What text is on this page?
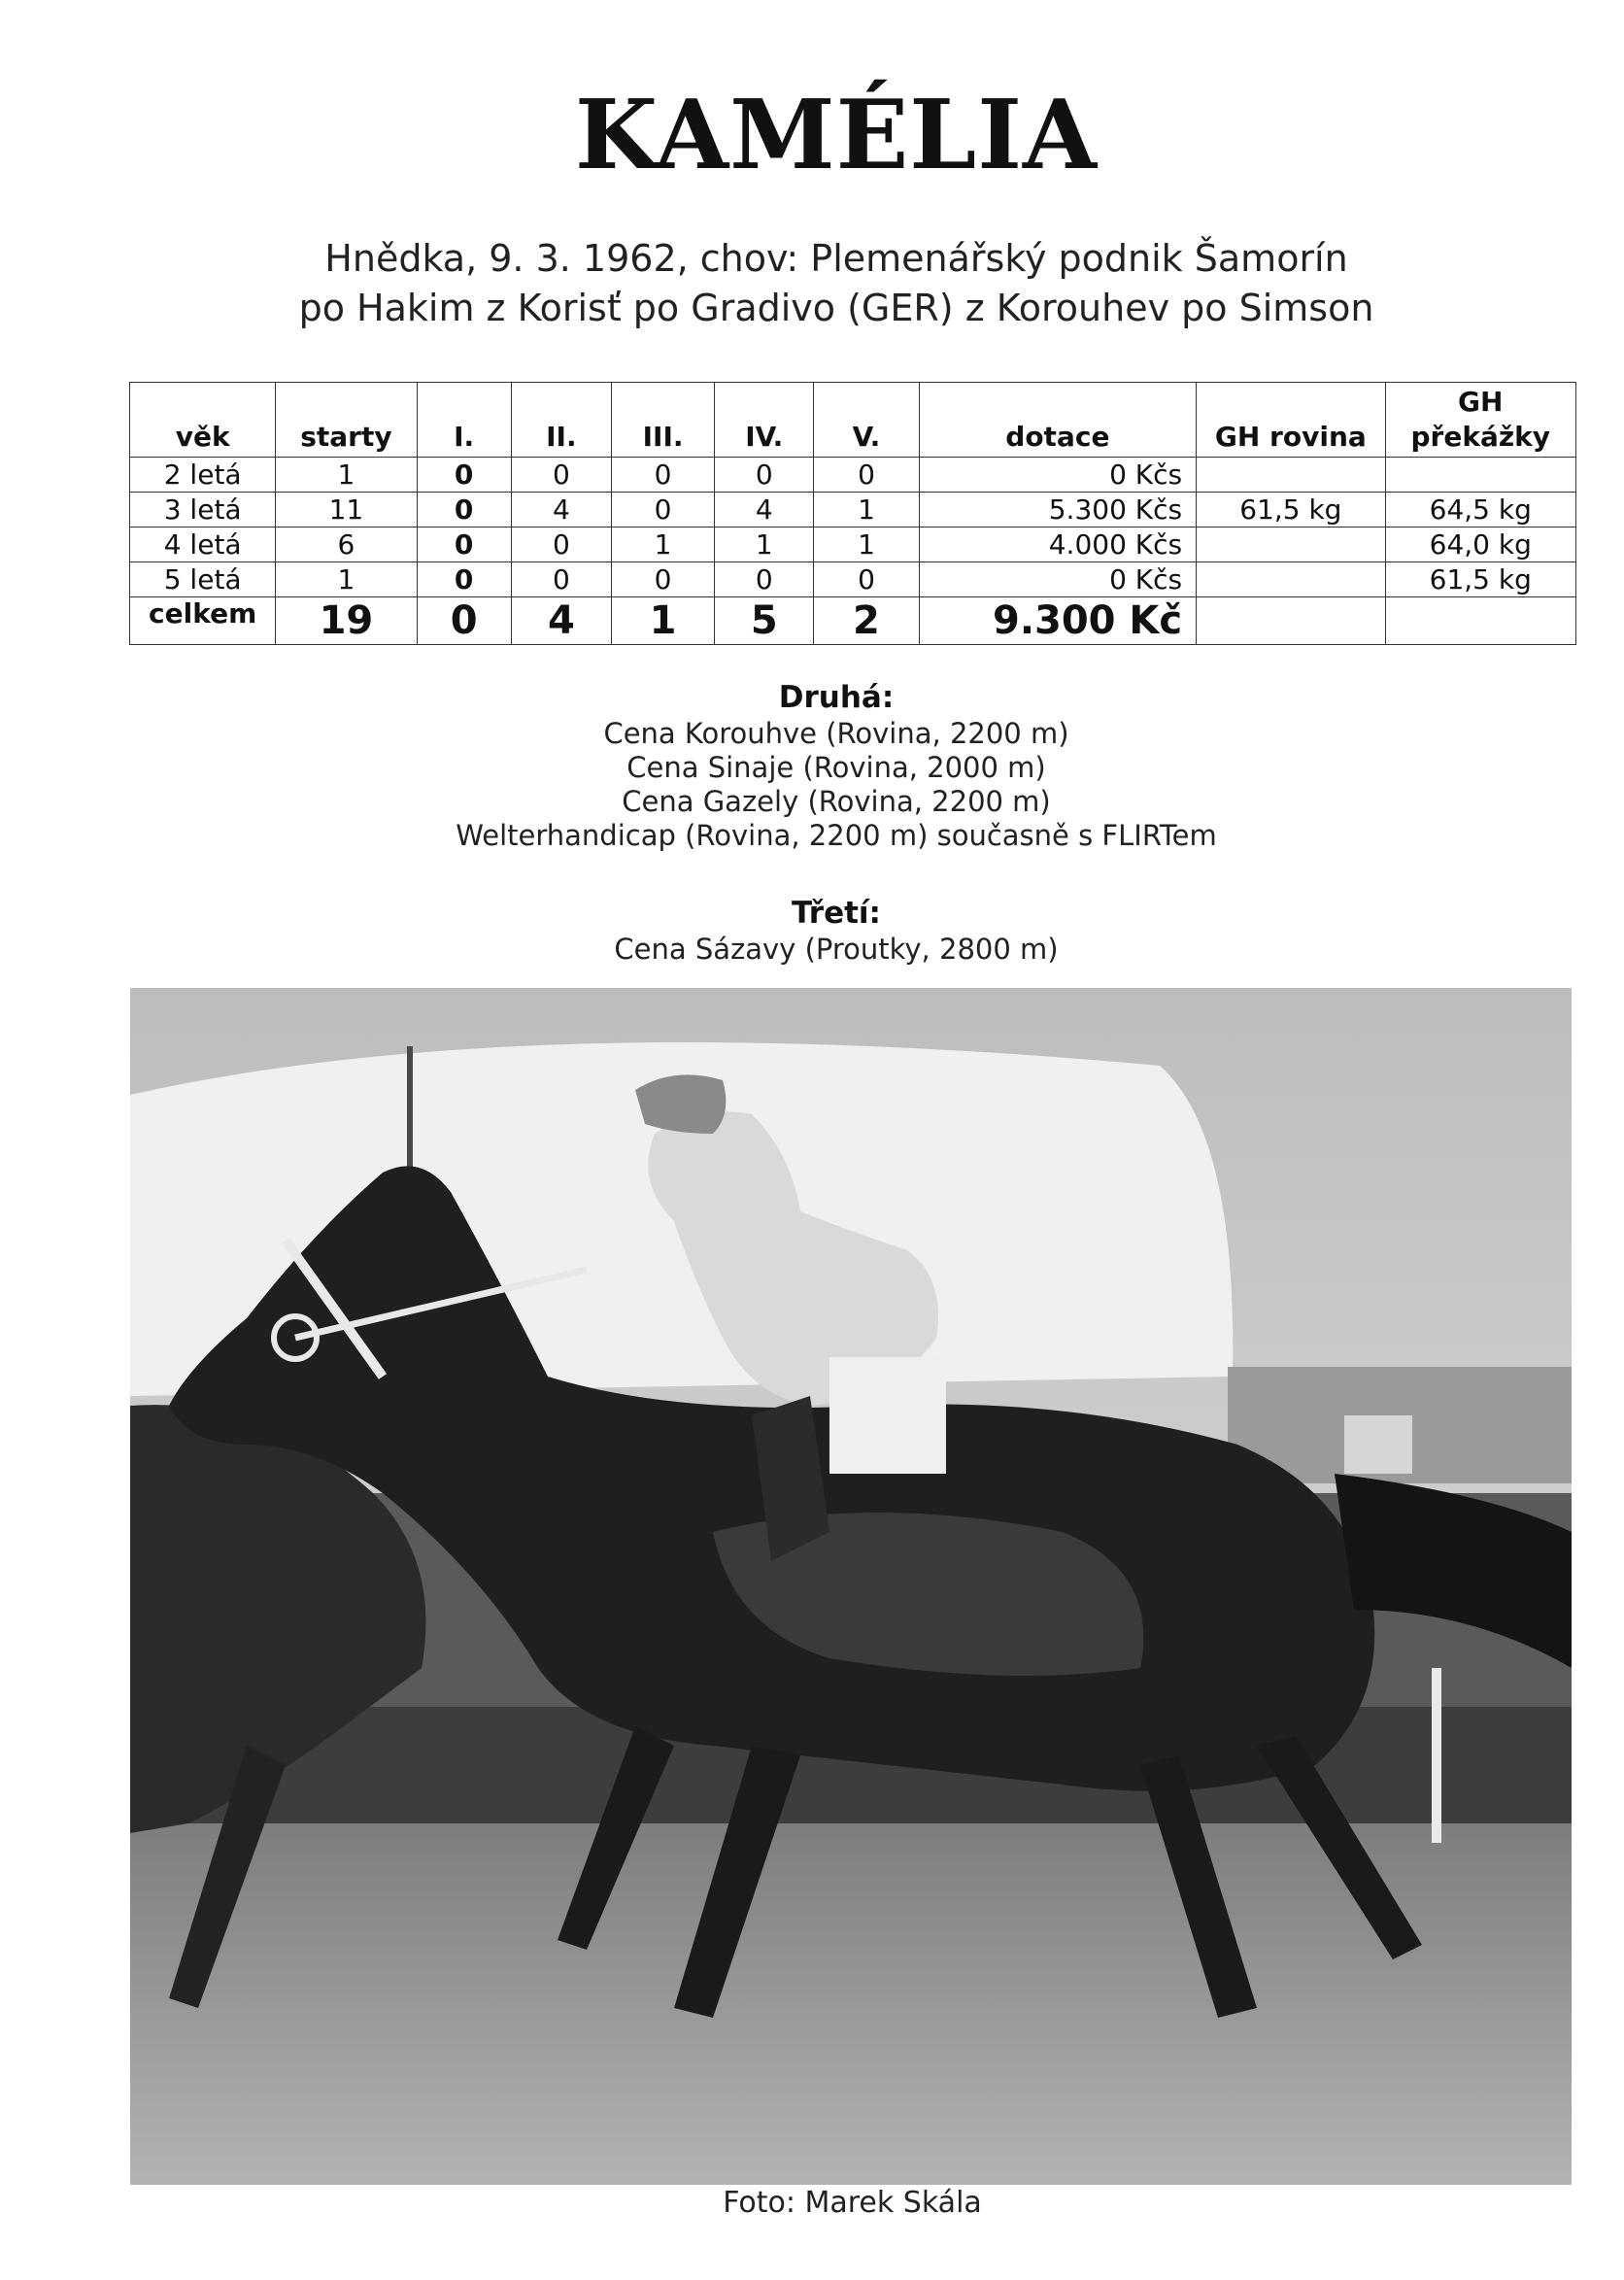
KAMÉLIA
Hnědka, 9. 3. 1962, chov: Plemenářský podnik Šamorín
po Hakim z Korisť po Gradivo (GER) z Korouhev po Simson
věk	starty	I.	II.	III.	IV.	V.	dotace	GH rovina	GH překážky
2 letá	1	0	0	0	0	0	0 Kčs		
3 letá	11	0	4	0	4	1	5.300 Kčs	61,5 kg	64,5 kg
4 letá	6	0	0	1	1	1	4.000 Kčs		64,0 kg
5 letá	1	0	0	0	0	0	0 Kčs		61,5 kg
celkem	19	0	4	1	5	2	9.300 Kč		
Druhá:
Cena Korouhve (Rovina, 2200 m)
Cena Sinaje (Rovina, 2000 m)
Cena Gazely (Rovina, 2200 m)
Welterhandicap (Rovina, 2200 m) současně s FLIRTem
Třetí:
Cena Sázavy (Proutky, 2800 m)
Foto: Marek Skála
